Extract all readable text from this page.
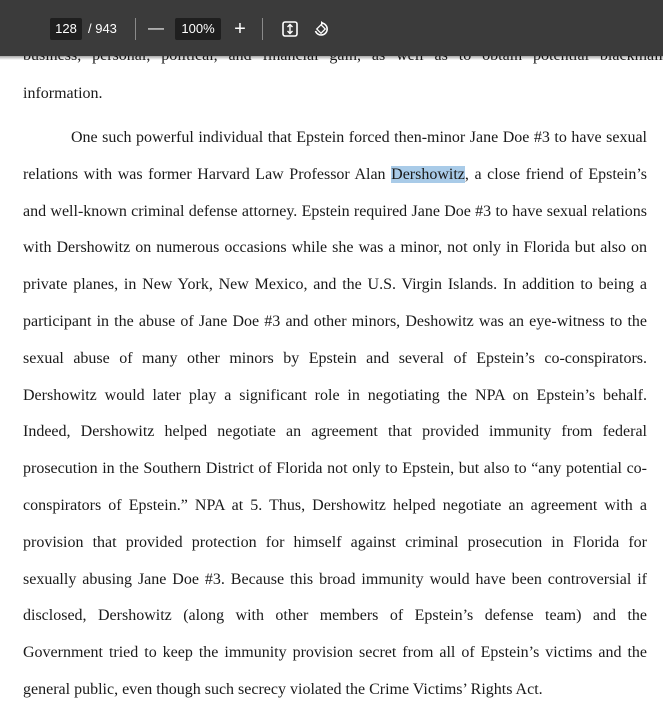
information.

One such powerful individual that Epstein forced then-minor Jane Doe #3 to have sexual relations with was former Harvard Law Professor Alan Dershowitz, a close friend of Epstein’s and well-known criminal defense attorney. Epstein required Jane Doe #3 to have sexual relations with Dershowitz on numerous occasions while she was a minor, not only in Florida but also on private planes, in New York, New Mexico, and the U.S. Virgin Islands. In addition to being a participant in the abuse of Jane Doe #3 and other minors, Deshowitz was an eye-witness to the sexual abuse of many other minors by Epstein and several of Epstein’s co-conspirators. Dershowitz would later play a significant role in negotiating the NPA on Epstein’s behalf. Indeed, Dershowitz helped negotiate an agreement that provided immunity from federal prosecution in the Southern District of Florida not only to Epstein, but also to “any potential co-conspirators of Epstein.” NPA at 5. Thus, Dershowitz helped negotiate an agreement with a provision that provided protection for himself against criminal prosecution in Florida for sexually abusing Jane Doe #3. Because this broad immunity would have been controversial if disclosed, Dershowitz (along with other members of Epstein’s defense team) and the Government tried to keep the immunity provision secret from all of Epstein’s victims and the general public, even though such secrecy violated the Crime Victims’ Rights Act.

128 / 943 —	100% +
